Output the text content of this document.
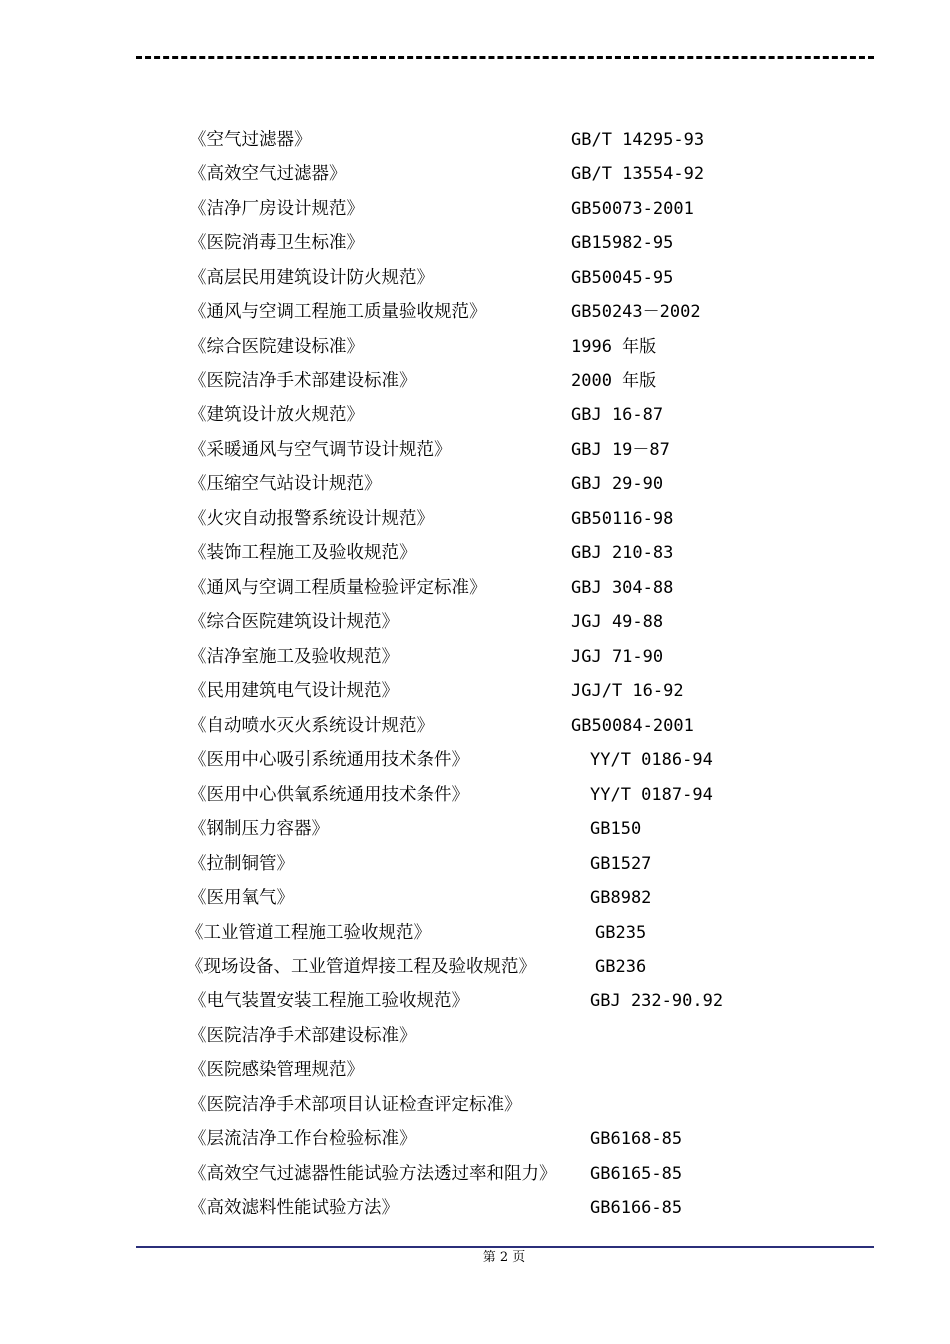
《空气过滤器》	GB/T 14295-93
《高效空气过滤器》	GB/T 13554-92
《洁净厂房设计规范》	GB50073-2001
《医院消毒卫生标准》	GB15982-95
《高层民用建筑设计防火规范》	GB50045-95
《通风与空调工程施工质量验收规范》	GB50243－2002
《综合医院建设标准》	1996 年版
《医院洁净手术部建设标准》	2000 年版
《建筑设计放火规范》	GBJ 16-87
《采暖通风与空气调节设计规范》	GBJ 19－87
《压缩空气站设计规范》	GBJ 29-90
《火灾自动报警系统设计规范》	GB50116-98
《装饰工程施工及验收规范》	GBJ 210-83
《通风与空调工程质量检验评定标准》	GBJ 304-88
《综合医院建筑设计规范》	JGJ 49-88
《洁净室施工及验收规范》	JGJ 71-90
《民用建筑电气设计规范》	JGJ/T 16-92
《自动喷水灭火系统设计规范》	GB50084-2001
《医用中心吸引系统通用技术条件》	YY/T 0186-94
《医用中心供氧系统通用技术条件》	YY/T 0187-94
《钢制压力容器》	GB150
《拉制铜管》	GB1527
《医用氧气》	GB8982
《工业管道工程施工验收规范》	GB235
《现场设备、工业管道焊接工程及验收规范》	GB236
《电气装置安装工程施工验收规范》	GBJ 232-90.92
《医院洁净手术部建设标准》
《医院感染管理规范》
《医院洁净手术部项目认证检查评定标准》
《层流洁净工作台检验标准》	GB6168-85
《高效空气过滤器性能试验方法透过率和阻力》 GB6165-85
《高效滤料性能试验方法》	GB6166-85
第 2 页
